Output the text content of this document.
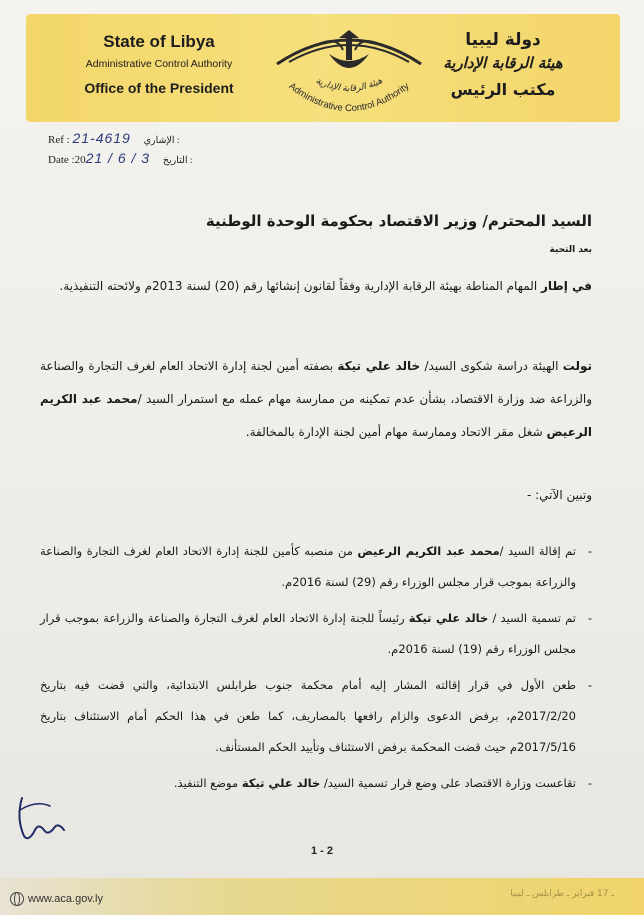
State of Libya
Administrative Control Authority
Office of the President	هيئة الرقابة الإدارية
Administrative Control Authority
دولة ليبيا
هيئة الرقابة الإدارية
مكتب الرئيس
Ref : 21-4619 الإشاري :
Date :2021 / 6 / 3 التاريخ :
السيد المحترم/ وزير الاقتصاد بحكومة الوحدة الوطنية
بعد التحية
في إطار المهام المناطة بهيئة الرقابة الإدارية وفقاً لقانون إنشائها رقم (20) لسنة 2013م ولائحته التنفيذية.
تولت الهيئة دراسة شكوى السيد/ خالد علي تيكة بصفته أمين لجنة إدارة الاتحاد العام لغرف التجارة والصناعة والزراعة ضد وزارة الاقتصاد، بشأن عدم تمكينه من ممارسة مهام عمله مع استمرار السيد /محمد عبد الكريم الرعيض شغل مقر الاتحاد وممارسة مهام أمين لجنة الإدارة بالمخالفة.
وتبين الآتي: -
- تم إقالة السيد /محمد عبد الكريم الرعيض من منصبه كأمين للجنة إدارة الاتحاد العام لغرف التجارة والصناعة والزراعة بموجب قرار مجلس الوزراء رقم (29) لسنة 2016م.
- تم تسمية السيد / خالد علي تيكة رئيساً للجنة إدارة الاتحاد العام لغرف التجارة والصناعة والزراعة بموجب قرار مجلس الوزراء رقم (19) لسنة 2016م.
- طعن الأول في قرار إقالته المشار إليه أمام محكمة جنوب طرابلس الابتدائية، والتي قضت فيه بتاريخ 2017/2/20م، برفض الدعوى والزام رافعها بالمصاريف، كما طعن في هذا الحكم أمام الاستئناف بتاريخ 2017/5/16م حيث قضت المحكمة برفض الاستئناف وتأييد الحكم المستأنف.
- تقاعست وزارة الاقتصاد على وضع قرار تسمية السيد/ خالد علي تيكة موضع التنفيذ.
1 - 2
www.aca.gov.ly	ـ 17 فبراير ـ طرابلس ـ ليبيا
